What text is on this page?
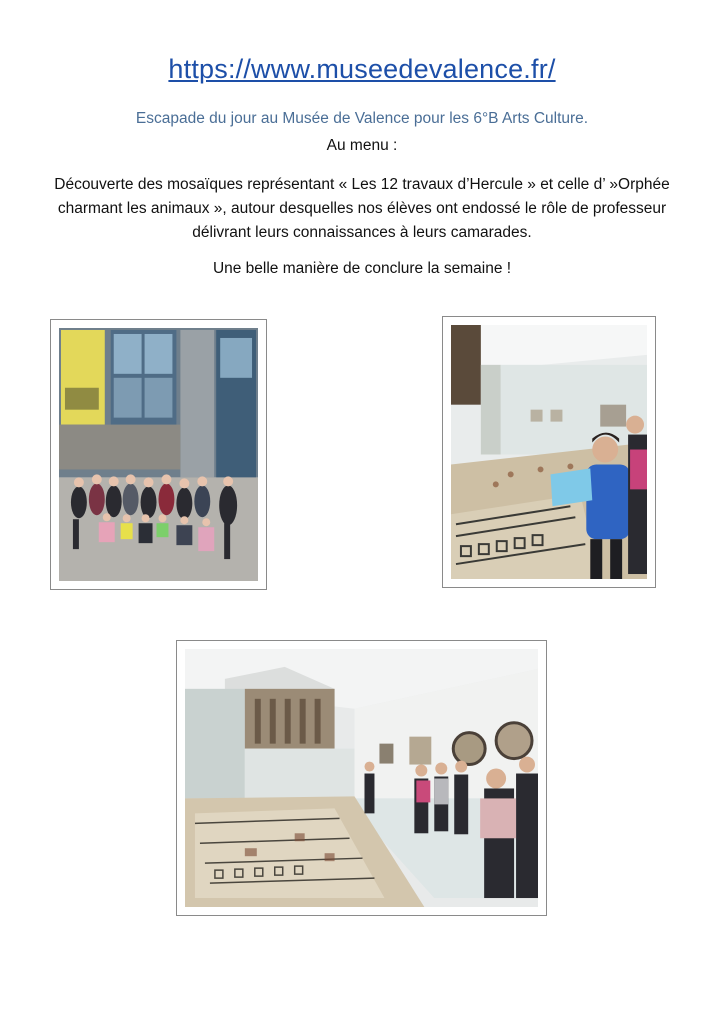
https://www.museedevalence.fr/
Escapade du jour au Musée de Valence pour les 6°B Arts Culture.
Au menu :
Découverte des mosaïques représentant « Les 12 travaux d’Hercule » et celle d’ »Orphée charmant les animaux », autour desquelles nos élèves ont endossé le rôle de professeur délivrant leurs connaissances à leurs camarades.
Une belle manière de conclure la semaine !
